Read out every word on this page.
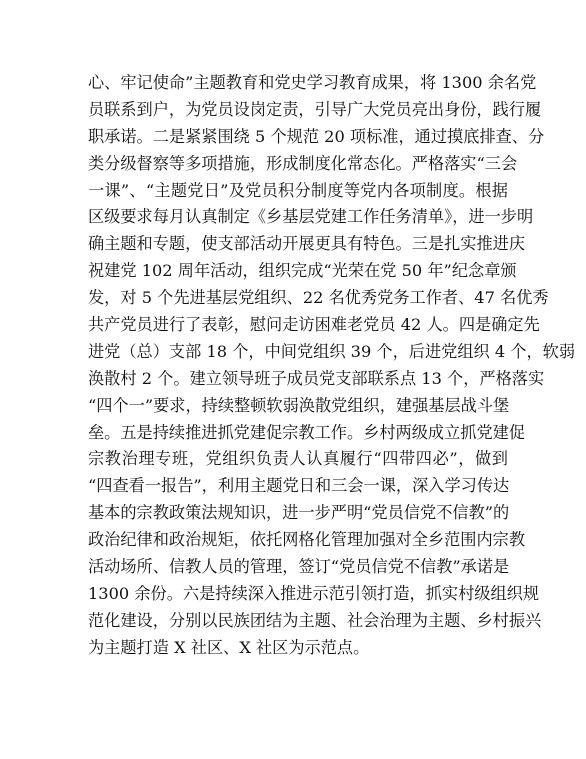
心、牢记使命”主题教育和党史学习教育成果，将 1300 余名党
员联系到户，为党员设岗定责，引导广大党员亮出身份，践行履
职承诺。二是紧紧围绕 5 个规范 20 项标准，通过摸底排查、分
类分级督察等多项措施，形成制度化常态化。严格落实“三会
一课”、“主题党日”及党员积分制度等党内各项制度。根据
区级要求每月认真制定《乡基层党建工作任务清单》，进一步明
确主题和专题，使支部活动开展更具有特色。三是扎实推进庆
祝建党 102 周年活动，组织完成“光荣在党 50 年”纪念章颁
发，对 5 个先进基层党组织、22 名优秀党务工作者、47 名优秀
共产党员进行了表彰，慰问走访困难老党员 42 人。四是确定先
进党（总）支部 18 个，中间党组织 39 个，后进党组织 4 个，软弱
涣散村 2 个。建立领导班子成员党支部联系点 13 个，严格落实
“四个一”要求，持续整顿软弱涣散党组织，建强基层战斗堡
垒。五是持续推进抓党建促宗教工作。乡村两级成立抓党建促
宗教治理专班，党组织负责人认真履行“四带四必”，做到
“四查看一报告”，利用主题党日和三会一课，深入学习传达
基本的宗教政策法规知识，进一步严明“党员信党不信教”的
政治纪律和政治规矩，依托网格化管理加强对全乡范围内宗教
活动场所、信教人员的管理，签订“党员信党不信教”承诺是
1300 余份。六是持续深入推进示范引领打造，抓实村级组织规
范化建设，分别以民族团结为主题、社会治理为主题、乡村振兴
为主题打造 X 社区、X 社区为示范点。
